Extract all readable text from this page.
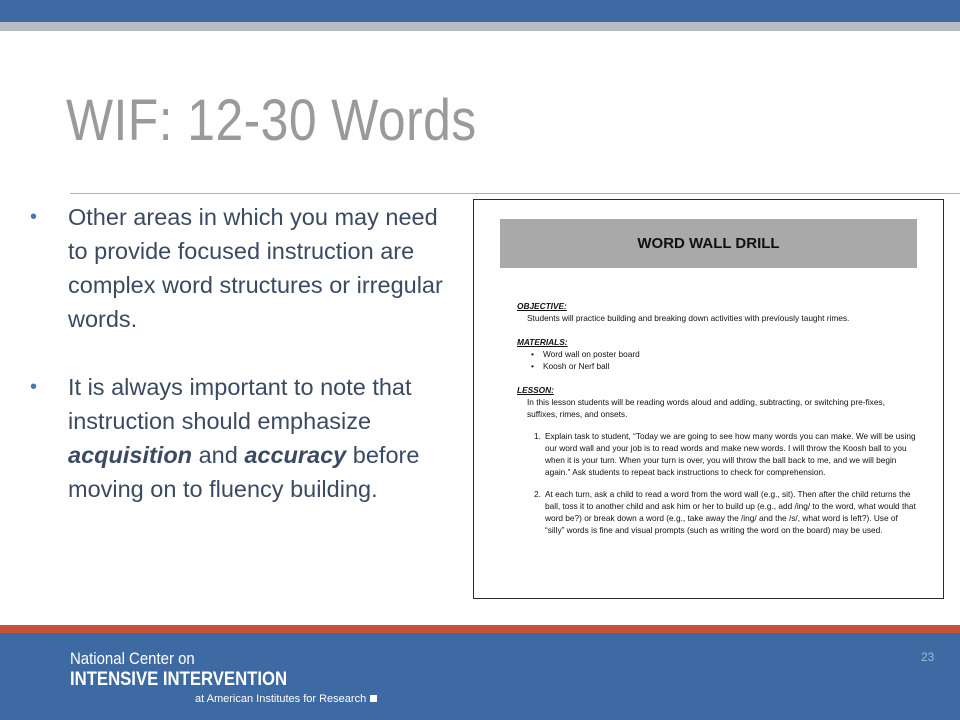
WIF: 12-30 Words
• Other areas in which you may need to provide focused instruction are complex word structures or irregular words.
• It is always important to note that instruction should emphasize acquisition and accuracy before moving on to fluency building.
WORD WALL DRILL
OBJECTIVE:
Students will practice building and breaking down activities with previously taught rimes.
MATERIALS:
• Word wall on poster board
• Koosh or Nerf ball
LESSON:
In this lesson students will be reading words aloud and adding, subtracting, or switching pre-fixes, suffixes, rimes, and onsets.
1. Explain task to student, “Today we are going to see how many words you can make. We will be using our word wall and your job is to read words and make new words. I will throw the Koosh ball to you when it is your turn. When your turn is over, you will throw the ball back to me, and we will begin again.” Ask students to repeat back instructions to check for comprehension.
2. At each turn, ask a child to read a word from the word wall (e.g., sit). Then after the child returns the ball, toss it to another child and ask him or her to build up (e.g., add /ing/ to the word, what would that word be?) or break down a word (e.g., take away the /ing/ and the /s/, what word is left?). Use of “silly” words is fine and visual prompts (such as writing the word on the board) may be used.
National Center on
INTENSIVE INTERVENTION
at American Institutes for Research
23
